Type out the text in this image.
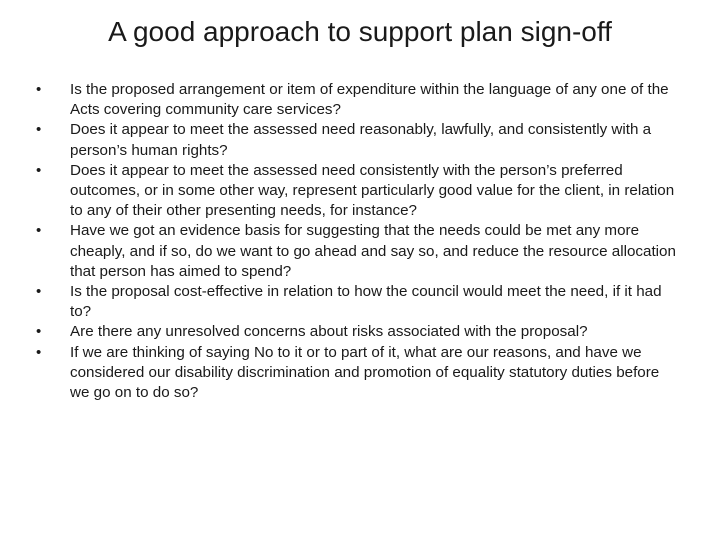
A good approach to support plan sign-off
•	Is the proposed arrangement or item of expenditure within the language of any one of the Acts covering community care services?
•	Does it appear to meet the assessed need reasonably, lawfully, and consistently with a person’s human rights?
•	Does it appear to meet the assessed need consistently with the person’s preferred outcomes, or in some other way, represent particularly good value for the client, in relation to any of their other presenting needs, for instance?
•	Have we got an evidence basis for suggesting that the needs could be met any more cheaply, and if so, do we want to go ahead and say so, and reduce the resource allocation that person has aimed to spend?
•	Is the proposal cost-effective in relation to how the council would meet the need, if it had to?
•	Are there any unresolved concerns about risks associated with the proposal?
•	If we are thinking of saying No to it or to part of it, what are our reasons, and have we considered our disability discrimination and promotion of equality statutory duties before we go on to do so?
